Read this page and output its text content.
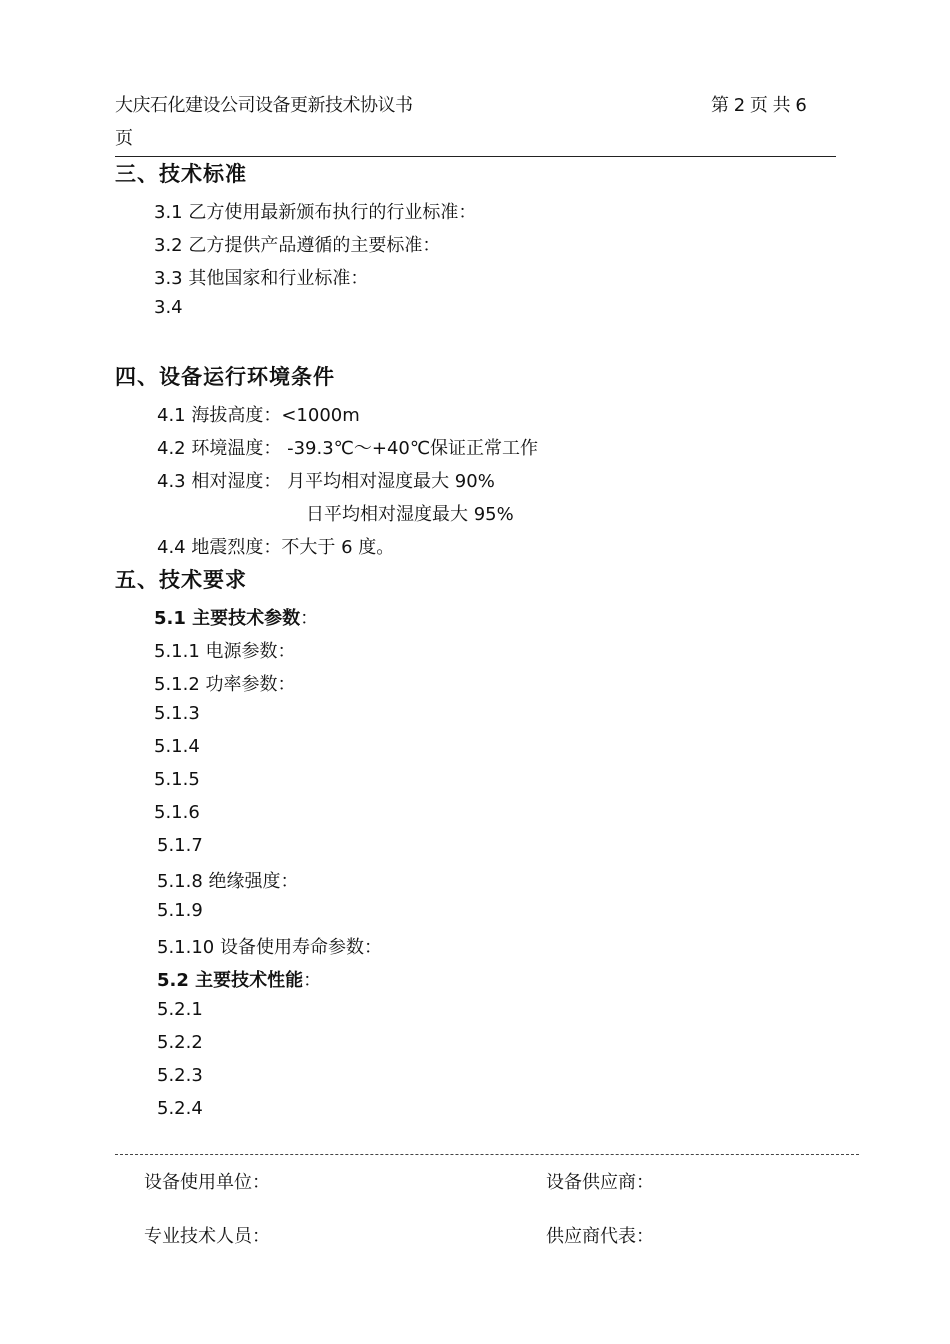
大庆石化建设公司设备更新技术协议书	第 2 页 共 6
页
三、技术标准
3.1 乙方使用最新颁布执行的行业标准：
3.2 乙方提供产品遵循的主要标准：
3.3 其他国家和行业标准：
3.4
四、设备运行环境条件
4.1 海拔高度：<1000m
4.2 环境温度： -39.3℃～+40℃保证正常工作
4.3 相对湿度： 月平均相对湿度最大 90%
日平均相对湿度最大 95%
4.4 地震烈度：不大于 6 度。
五、技术要求
5.1 主要技术参数：
5.1.1 电源参数：
5.1.2 功率参数：
5.1.3
5.1.4
5.1.5
5.1.6
5.1.7
5.1.8 绝缘强度：
5.1.9
5.1.10 设备使用寿命参数：
5.2 主要技术性能：
5.2.1
5.2.2
5.2.3
5.2.4
设备使用单位：	设备供应商：
专业技术人员：	供应商代表：
